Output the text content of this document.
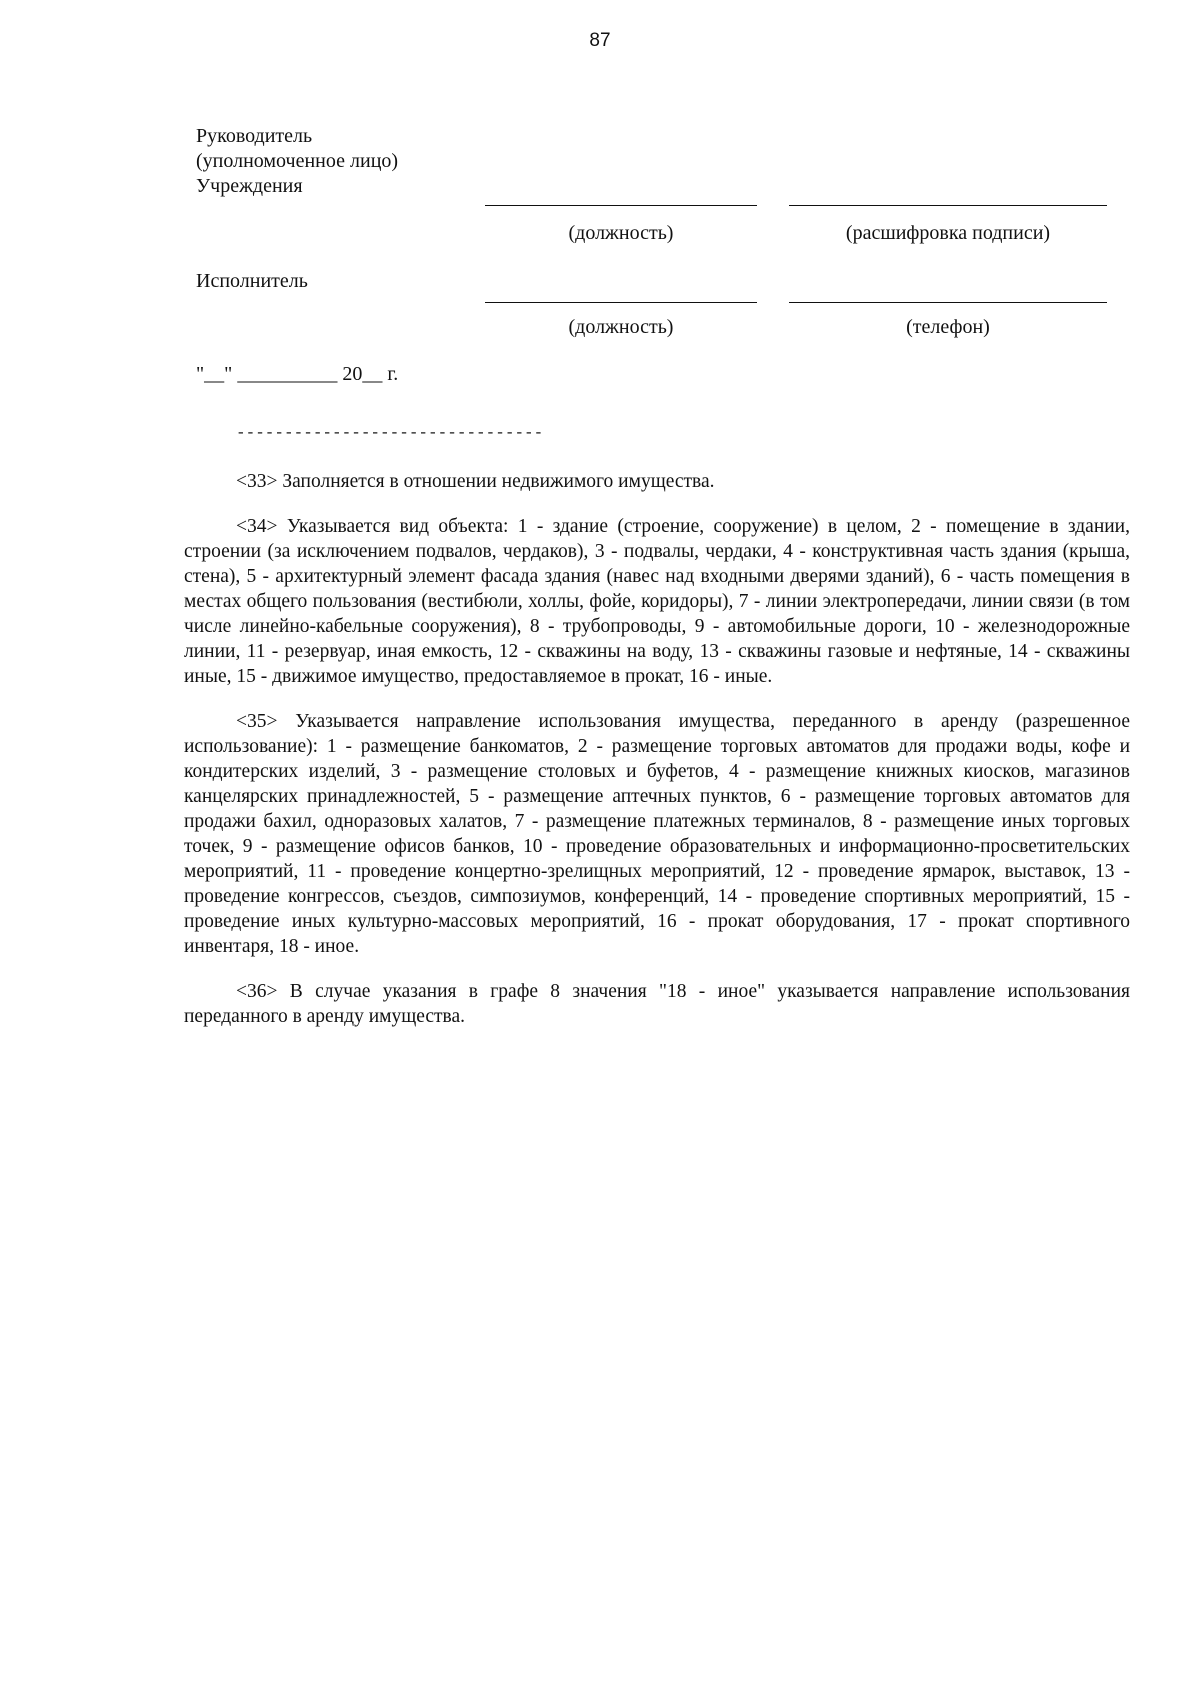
87
Руководитель
(уполномоченное лицо)
Учреждения
(должность)	(расшифровка подписи)
Исполнитель
(должность)	(телефон)
"__" __________ 20__ г.
--------------------------------

<33> Заполняется в отношении недвижимого имущества.

<34> Указывается вид объекта: 1 - здание (строение, сооружение) в целом, 2 - помещение в здании, строении (за исключением подвалов, чердаков), 3 - подвалы, чердаки, 4 - конструктивная часть здания (крыша, стена), 5 - архитектурный элемент фасада здания (навес над входными дверями зданий), 6 - часть помещения в местах общего пользования (вестибюли, холлы, фойе, коридоры), 7 - линии электропередачи, линии связи (в том числе линейно-кабельные сооружения), 8 - трубопроводы, 9 - автомобильные дороги, 10 - железнодорожные линии, 11 - резервуар, иная емкость, 12 - скважины на воду, 13 - скважины газовые и нефтяные, 14 - скважины иные, 15 - движимое имущество, предоставляемое в прокат, 16 - иные.

<35> Указывается направление использования имущества, переданного в аренду (разрешенное использование): 1 - размещение банкоматов, 2 - размещение торговых автоматов для продажи воды, кофе и кондитерских изделий, 3 - размещение столовых и буфетов, 4 - размещение книжных киосков, магазинов канцелярских принадлежностей, 5 - размещение аптечных пунктов, 6 - размещение торговых автоматов для продажи бахил, одноразовых халатов, 7 - размещение платежных терминалов, 8 - размещение иных торговых точек, 9 - размещение офисов банков, 10 - проведение образовательных и информационно-просветительских мероприятий, 11 - проведение концертно-зрелищных мероприятий, 12 - проведение ярмарок, выставок, 13 - проведение конгрессов, съездов, симпозиумов, конференций, 14 - проведение спортивных мероприятий, 15 - проведение иных культурно-массовых мероприятий, 16 - прокат оборудования, 17 - прокат спортивного инвентаря, 18 - иное.

<36> В случае указания в графе 8 значения "18 - иное" указывается направление использования переданного в аренду имущества.
